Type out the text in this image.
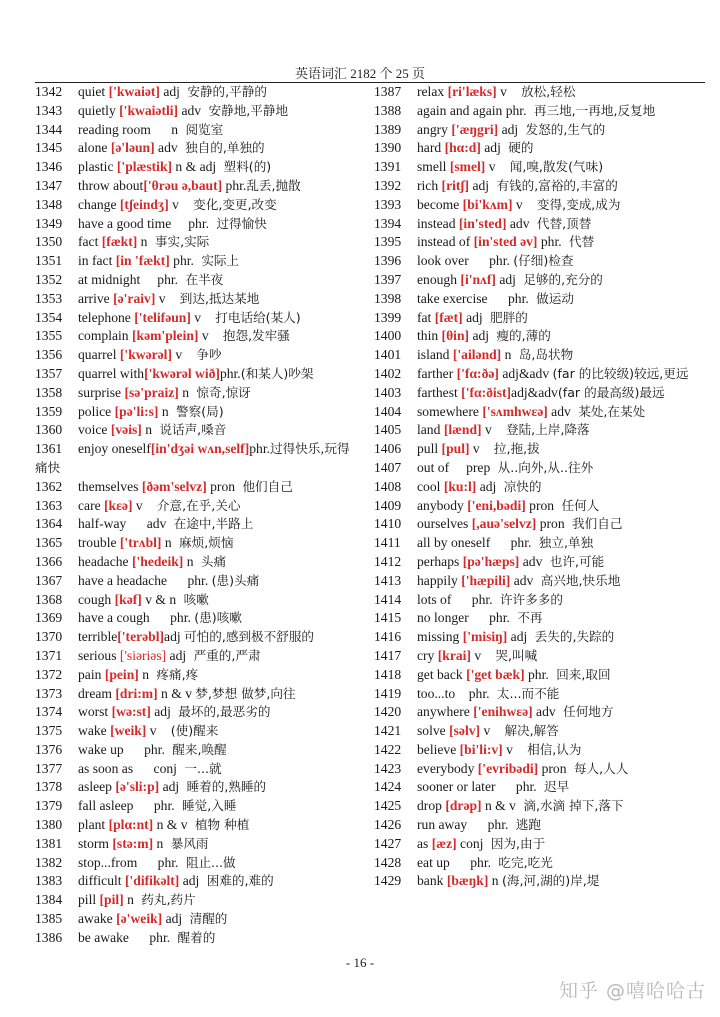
英语词汇 2182 个 25 页
1342 quiet ['kwaiət] adj  安静的,平静的
1343 quietly ['kwaiətli] adv  安静地,平静地
1344 reading room      n  阅览室
1345 alone [ə'ləun] adv  独自的,单独的
1346 plastic ['plæstik] n & adj  塑料(的)
1347 throw about['θrəu ə,baut] phr.乱丢,抛散
1348 change [tʃeindʒ] v    变化,变更,改变
1349 have a good time     phr.  过得愉快
1350 fact [fækt] n  事实,实际
1351 in fact [in 'fækt] phr.  实际上
1352 at midnight     phr.  在半夜
1353 arrive [ə'raiv] v    到达,抵达某地
1354 telephone ['telifəun] v    打电话给(某人)
1355 complain [kəm'plein] v    抱怨,发牢骚
1356 quarrel ['kwərəl] v    争吵
1357 quarrel with['kwərəl wið]phr.(和某人)吵架
1358 surprise [sə'praiz] n  惊奇,惊讶
1359 police [pə'li:s] n  警察(局)
1360 voice [vəis] n  说话声,嗓音
1361 enjoy oneself[in'dʒəi wʌn,self]phr.过得快乐,玩得痛快
1362 themselves [ðəm'selvz] pron  他们自己
1363 care [kεə] v    介意,在乎,关心
1364 half-way      adv  在途中,半路上
1365 trouble ['trʌbl] n  麻烦,烦恼
1366 headache ['hedeik] n  头痛
1367 have a headache      phr. (患)头痛
1368 cough [kəf] v & n  咳嗽
1369 have a cough      phr. (患)咳嗽
1370 terrible['terəbl]adj 可怕的,感到极不舒服的
1371 serious ['siəriəs] adj  严重的,严肃
1372 pain [pein] n  疼痛,疼
1373 dream [dri:m] n & v 梦,梦想 做梦,向往
1374 worst [wə:st] adj  最坏的,最恶劣的
1375 wake [weik] v    (使)醒来
1376 wake up      phr.  醒来,唤醒
1377 as soon as      conj  一...就
1378 asleep [ə'sli:p] adj  睡着的,熟睡的
1379 fall asleep      phr.  睡觉,入睡
1380 plant [plα:nt] n & v  植物 种植
1381 storm [stə:m] n  暴风雨
1382 stop...from      phr.  阻止...做
1383 difficult ['difikəlt] adj  困难的,难的
1384 pill [pil] n  药丸,药片
1385 awake [ə'weik] adj  清醒的
1386 be awake      phr.  醒着的
1387 relax [ri'læks] v    放松,轻松
1388 again and again phr.  再三地,一再地,反复地
1389 angry ['æŋgri] adj  发怒的,生气的
1390 hard [hα:d] adj  硬的
1391 smell [smel] v    闻,嗅,散发(气味)
1392 rich [ritʃ] adj  有钱的,富裕的,丰富的
1393 become [bi'kʌm] v    变得,变成,成为
1394 instead [in'sted] adv  代替,顶替
1395 instead of [in'sted əv] phr.  代替
1396 look over      phr. (仔细)检查
1397 enough [i'nʌf] adj  足够的,充分的
1398 take exercise      phr.  做运动
1399 fat [fæt] adj  肥胖的
1400 thin [θin] adj  瘦的,薄的
1401 island ['ailənd] n  岛,岛状物
1402 farther ['fα:ðə] adj&adv (far 的比较级)较远,更远
1403 farthest ['fα:ðist]adj&adv(far 的最高级)最远
1404 somewhere ['sʌmhwεə] adv  某处,在某处
1405 land [lænd] v    登陆,上岸,降落
1406 pull [pul] v    拉,拖,拔
1407 out of     prep  从..向外,从..往外
1408 cool [ku:l] adj  凉快的
1409 anybody ['eni,bədi] pron  任何人
1410 ourselves [,auə'selvz] pron  我们自己
1411 all by oneself      phr.  独立,单独
1412 perhaps [pə'hæps] adv  也许,可能
1413 happily ['hæpili] adv  高兴地,快乐地
1414 lots of      phr.  许许多多的
1415 no longer      phr.  不再
1416 missing ['misiŋ] adj  丢失的,失踪的
1417 cry [krai] v    哭,叫喊
1418 get back ['get bæk] phr.  回来,取回
1419 too...to    phr.  太...而不能
1420 anywhere ['enihwεə] adv  任何地方
1421 solve [səlv] v    解决,解答
1422 believe [bi'li:v] v    相信,认为
1423 everybody ['evribədi] pron  每人,人人
1424 sooner or later      phr.  迟早
1425 drop [drəp] n & v  滴,水滴 掉下,落下
1426 run away      phr.  逃跑
1427 as [æz] conj  因为,由于
1428 eat up      phr.  吃完,吃光
1429 bank [bæŋk] n (海,河,湖的)岸,堤
- 16 -
知乎 @嘻哈哈古
